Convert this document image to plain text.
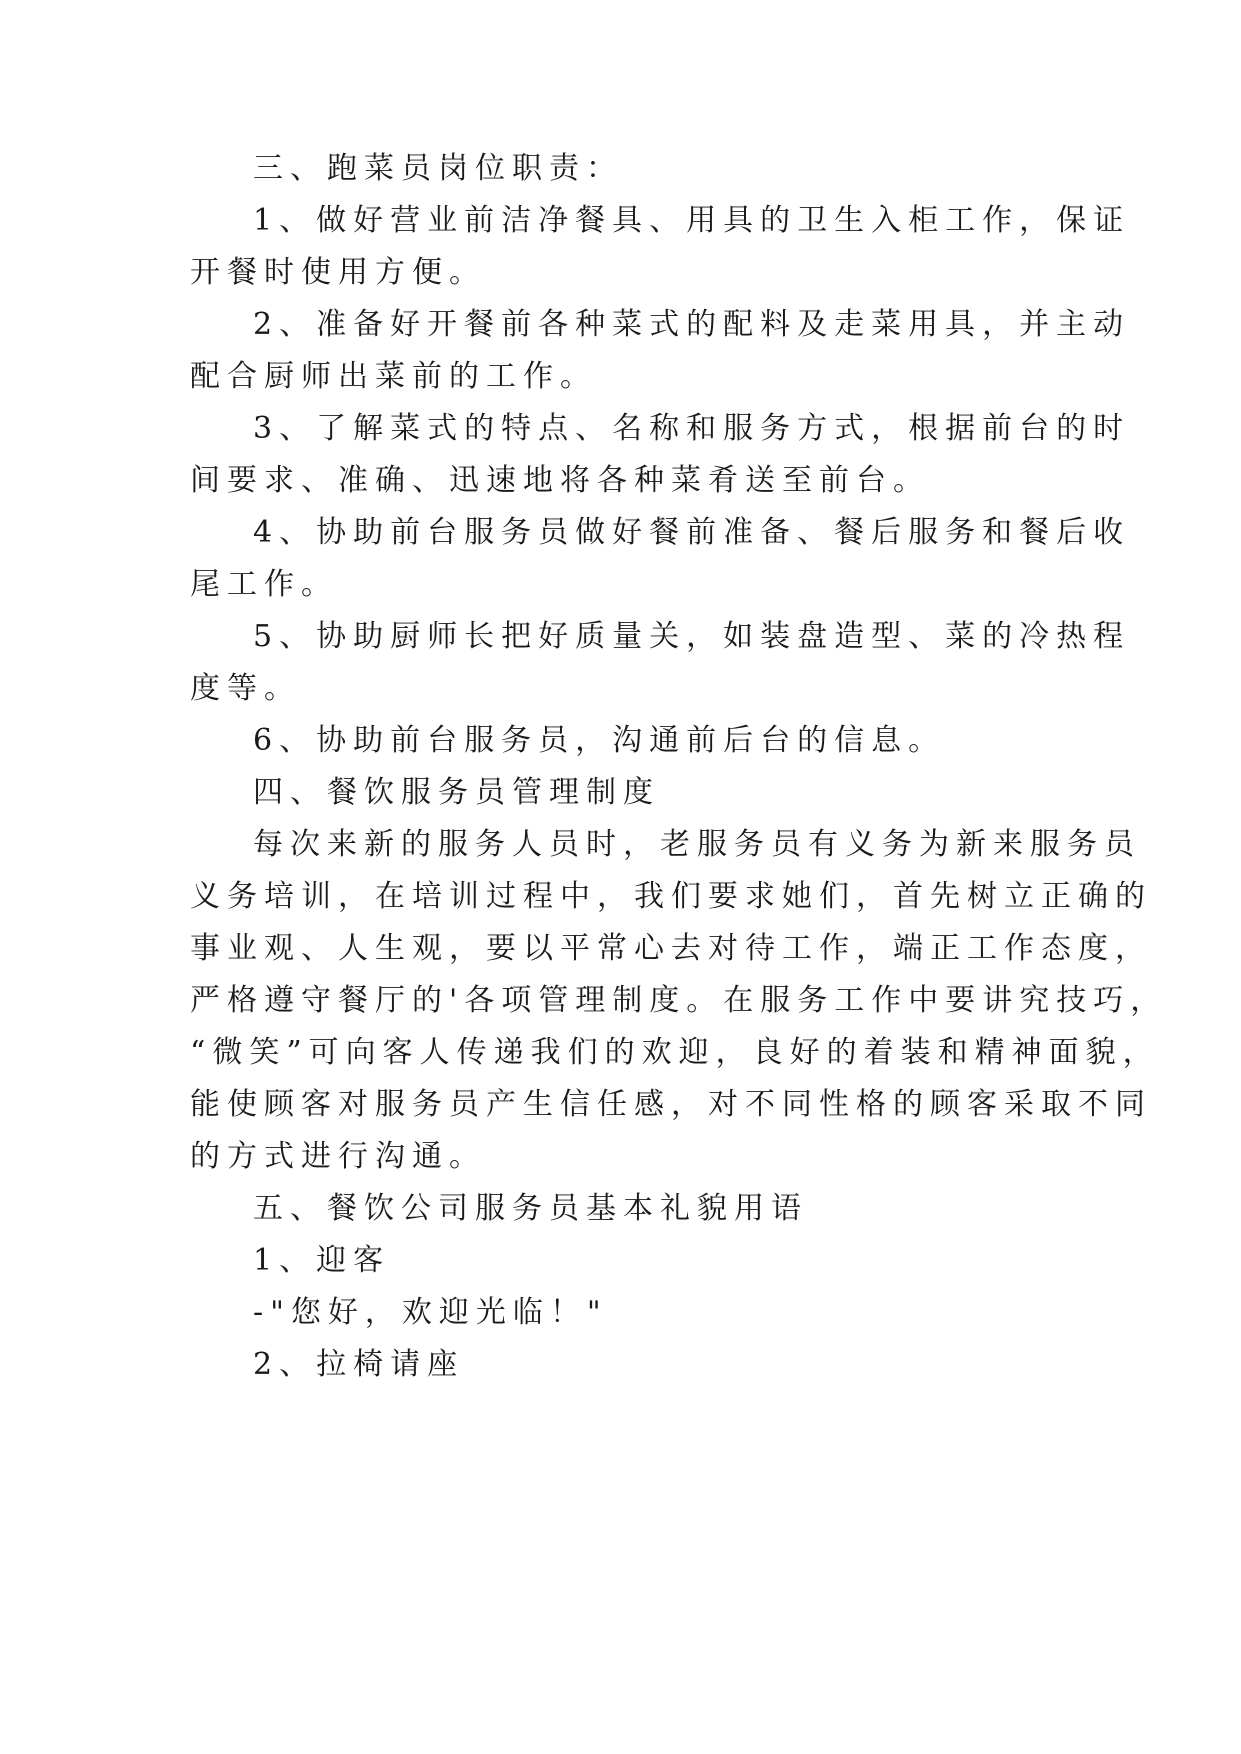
三、跑菜员岗位职责：
1、做好营业前洁净餐具、用具的卫生入柜工作，保证
开餐时使用方便。
2、准备好开餐前各种菜式的配料及走菜用具，并主动
配合厨师出菜前的工作。
3、了解菜式的特点、名称和服务方式，根据前台的时
间要求、准确、迅速地将各种菜肴送至前台。
4、协助前台服务员做好餐前准备、餐后服务和餐后收
尾工作。
5、协助厨师长把好质量关，如装盘造型、菜的冷热程
度等。
6、协助前台服务员，沟通前后台的信息。
四、餐饮服务员管理制度
每次来新的服务人员时，老服务员有义务为新来服务员
义务培训，在培训过程中，我们要求她们，首先树立正确的
事业观、人生观，要以平常心去对待工作，端正工作态度，
严格遵守餐厅的'各项管理制度。在服务工作中要讲究技巧，
“微笑”可向客人传递我们的欢迎，良好的着装和精神面貌，
能使顾客对服务员产生信任感，对不同性格的顾客采取不同
的方式进行沟通。
五、餐饮公司服务员基本礼貌用语
1、迎客
-"您好，欢迎光临！"
2、拉椅请座
